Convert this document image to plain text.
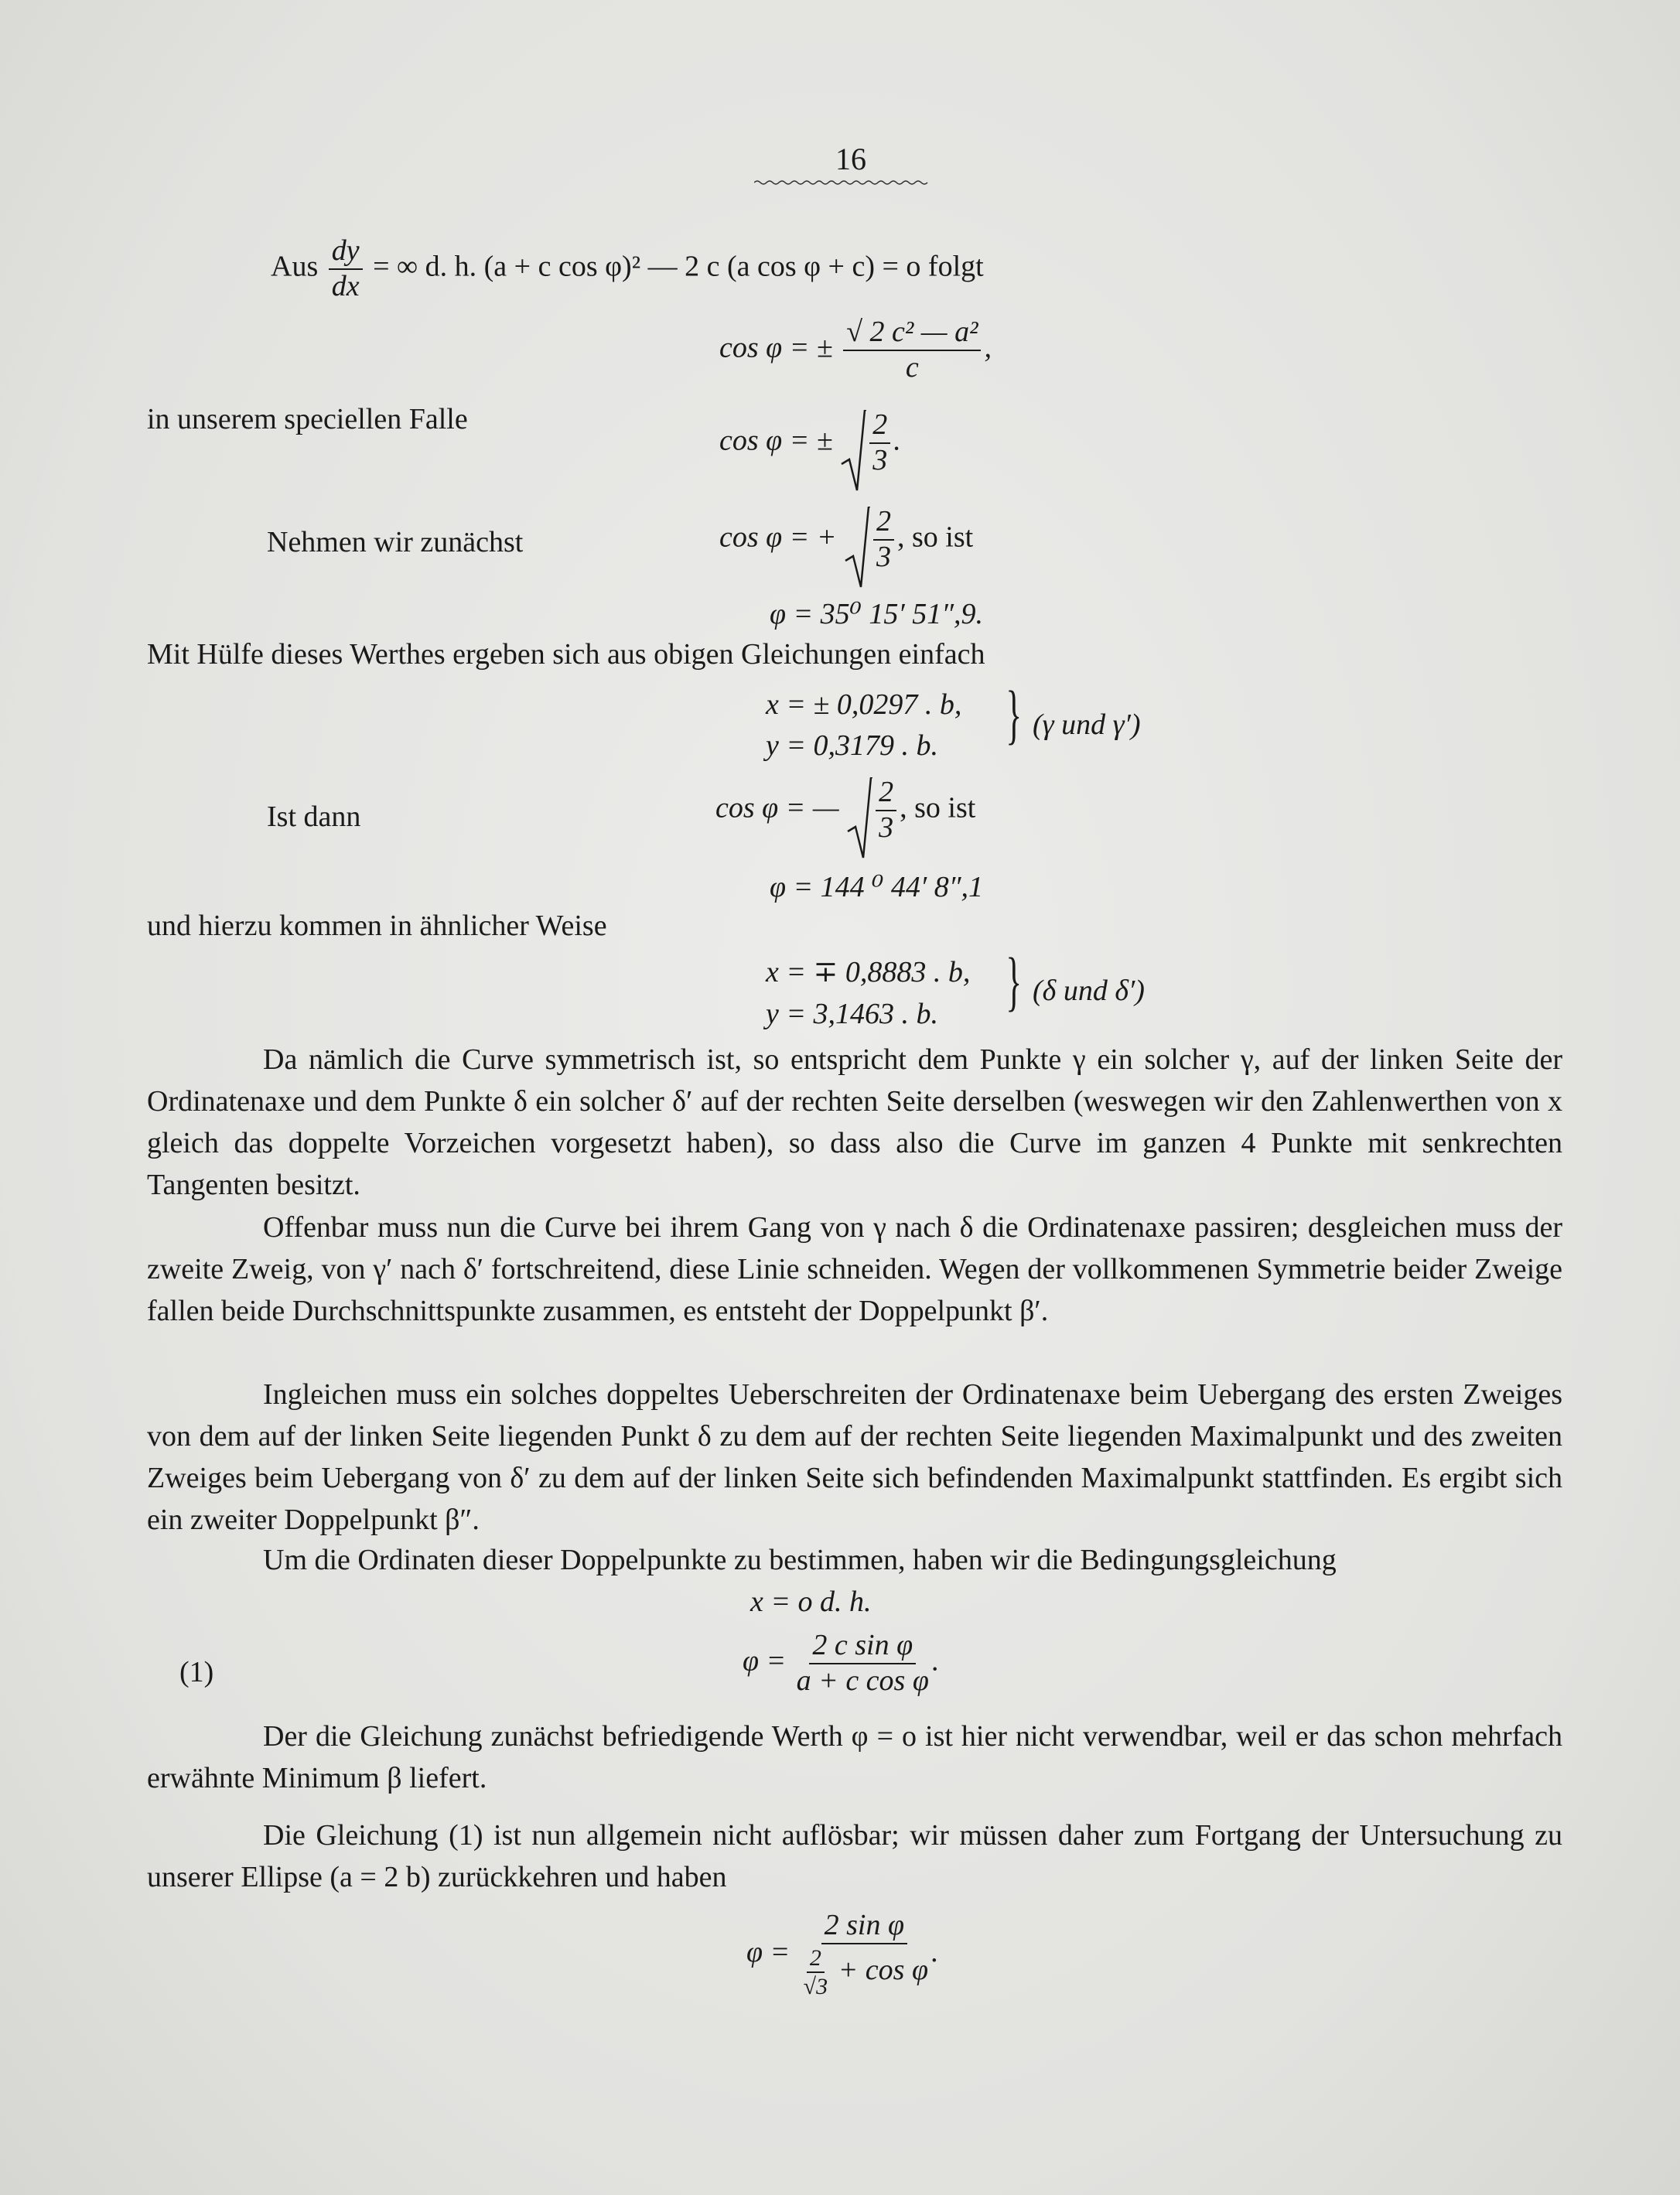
16
Aus $\frac{dy}{dx}$ = ∞ d. h. (a + c cos φ)² — 2 c (a cos φ + c) = o folgt
cos φ = ± $\frac{\text{√ 2 c² — a²}}{c}$ ,
in unserem speciellen Falle
cos φ = ± $\frac{2}{3}$ .
Nehmen wir zunächst	cos φ = + $\frac{2}{3}$ , so ist
φ = 35⁰ 15′ 51″,9.
Mit Hülfe dieses Werthes ergeben sich aus obigen Gleichungen einfach
x = ± 0,0297 . b,
y = 0,3179 . b. } (γ und γ′)
Ist dann	cos φ = — $\frac{2}{3}$ , so ist
φ = 144 ⁰ 44′ 8″,1
und hierzu kommen in ähnlicher Weise
x = ∓ 0,8883 . b,
y = 3,1463 . b. } (δ und δ′)
Da nämlich die Curve symmetrisch ist, so entspricht dem Punkte γ ein solcher γ, auf der linken Seite der Ordinatenaxe und dem Punkte δ ein solcher δ′ auf der rechten Seite derselben (weswegen wir den Zahlenwerthen von x gleich das doppelte Vorzeichen vorgesetzt haben), so dass also die Curve im ganzen 4 Punkte mit senkrechten Tangenten besitzt.
Offenbar muss nun die Curve bei ihrem Gang von γ nach δ die Ordinatenaxe passiren; desgleichen muss der zweite Zweig, von γ′ nach δ′ fortschreitend, diese Linie schneiden. Wegen der vollkommenen Symmetrie beider Zweige fallen beide Durchschnittspunkte zusammen, es entsteht der Doppelpunkt β′.
Ingleichen muss ein solches doppeltes Ueberschreiten der Ordinatenaxe beim Uebergang des ersten Zweiges von dem auf der linken Seite liegenden Punkt δ zu dem auf der rechten Seite liegenden Maximalpunkt und des zweiten Zweiges beim Uebergang von δ′ zu dem auf der linken Seite sich befindenden Maximalpunkt stattfinden. Es ergibt sich ein zweiter Doppelpunkt β″.
Um die Ordinaten dieser Doppelpunkte zu bestimmen, haben wir die Bedingungsgleichung
x = o d. h.
(1)	$\varphi = \frac{\text{2 c sin φ}}{\text{a + c cos φ}}$ .
Der die Gleichung zunächst befriedigende Werth φ = o ist hier nicht verwendbar, weil er das schon mehrfach erwähnte Minimum β liefert.
Die Gleichung (1) ist nun allgemein nicht auflösbar; wir müssen daher zum Fortgang der Untersuchung zu unserer Ellipse (a = 2 b) zurückkehren und haben
$\varphi = \frac{\text{2 sin φ}}{\frac{2}{√3} + \cos \varphi}$ .
